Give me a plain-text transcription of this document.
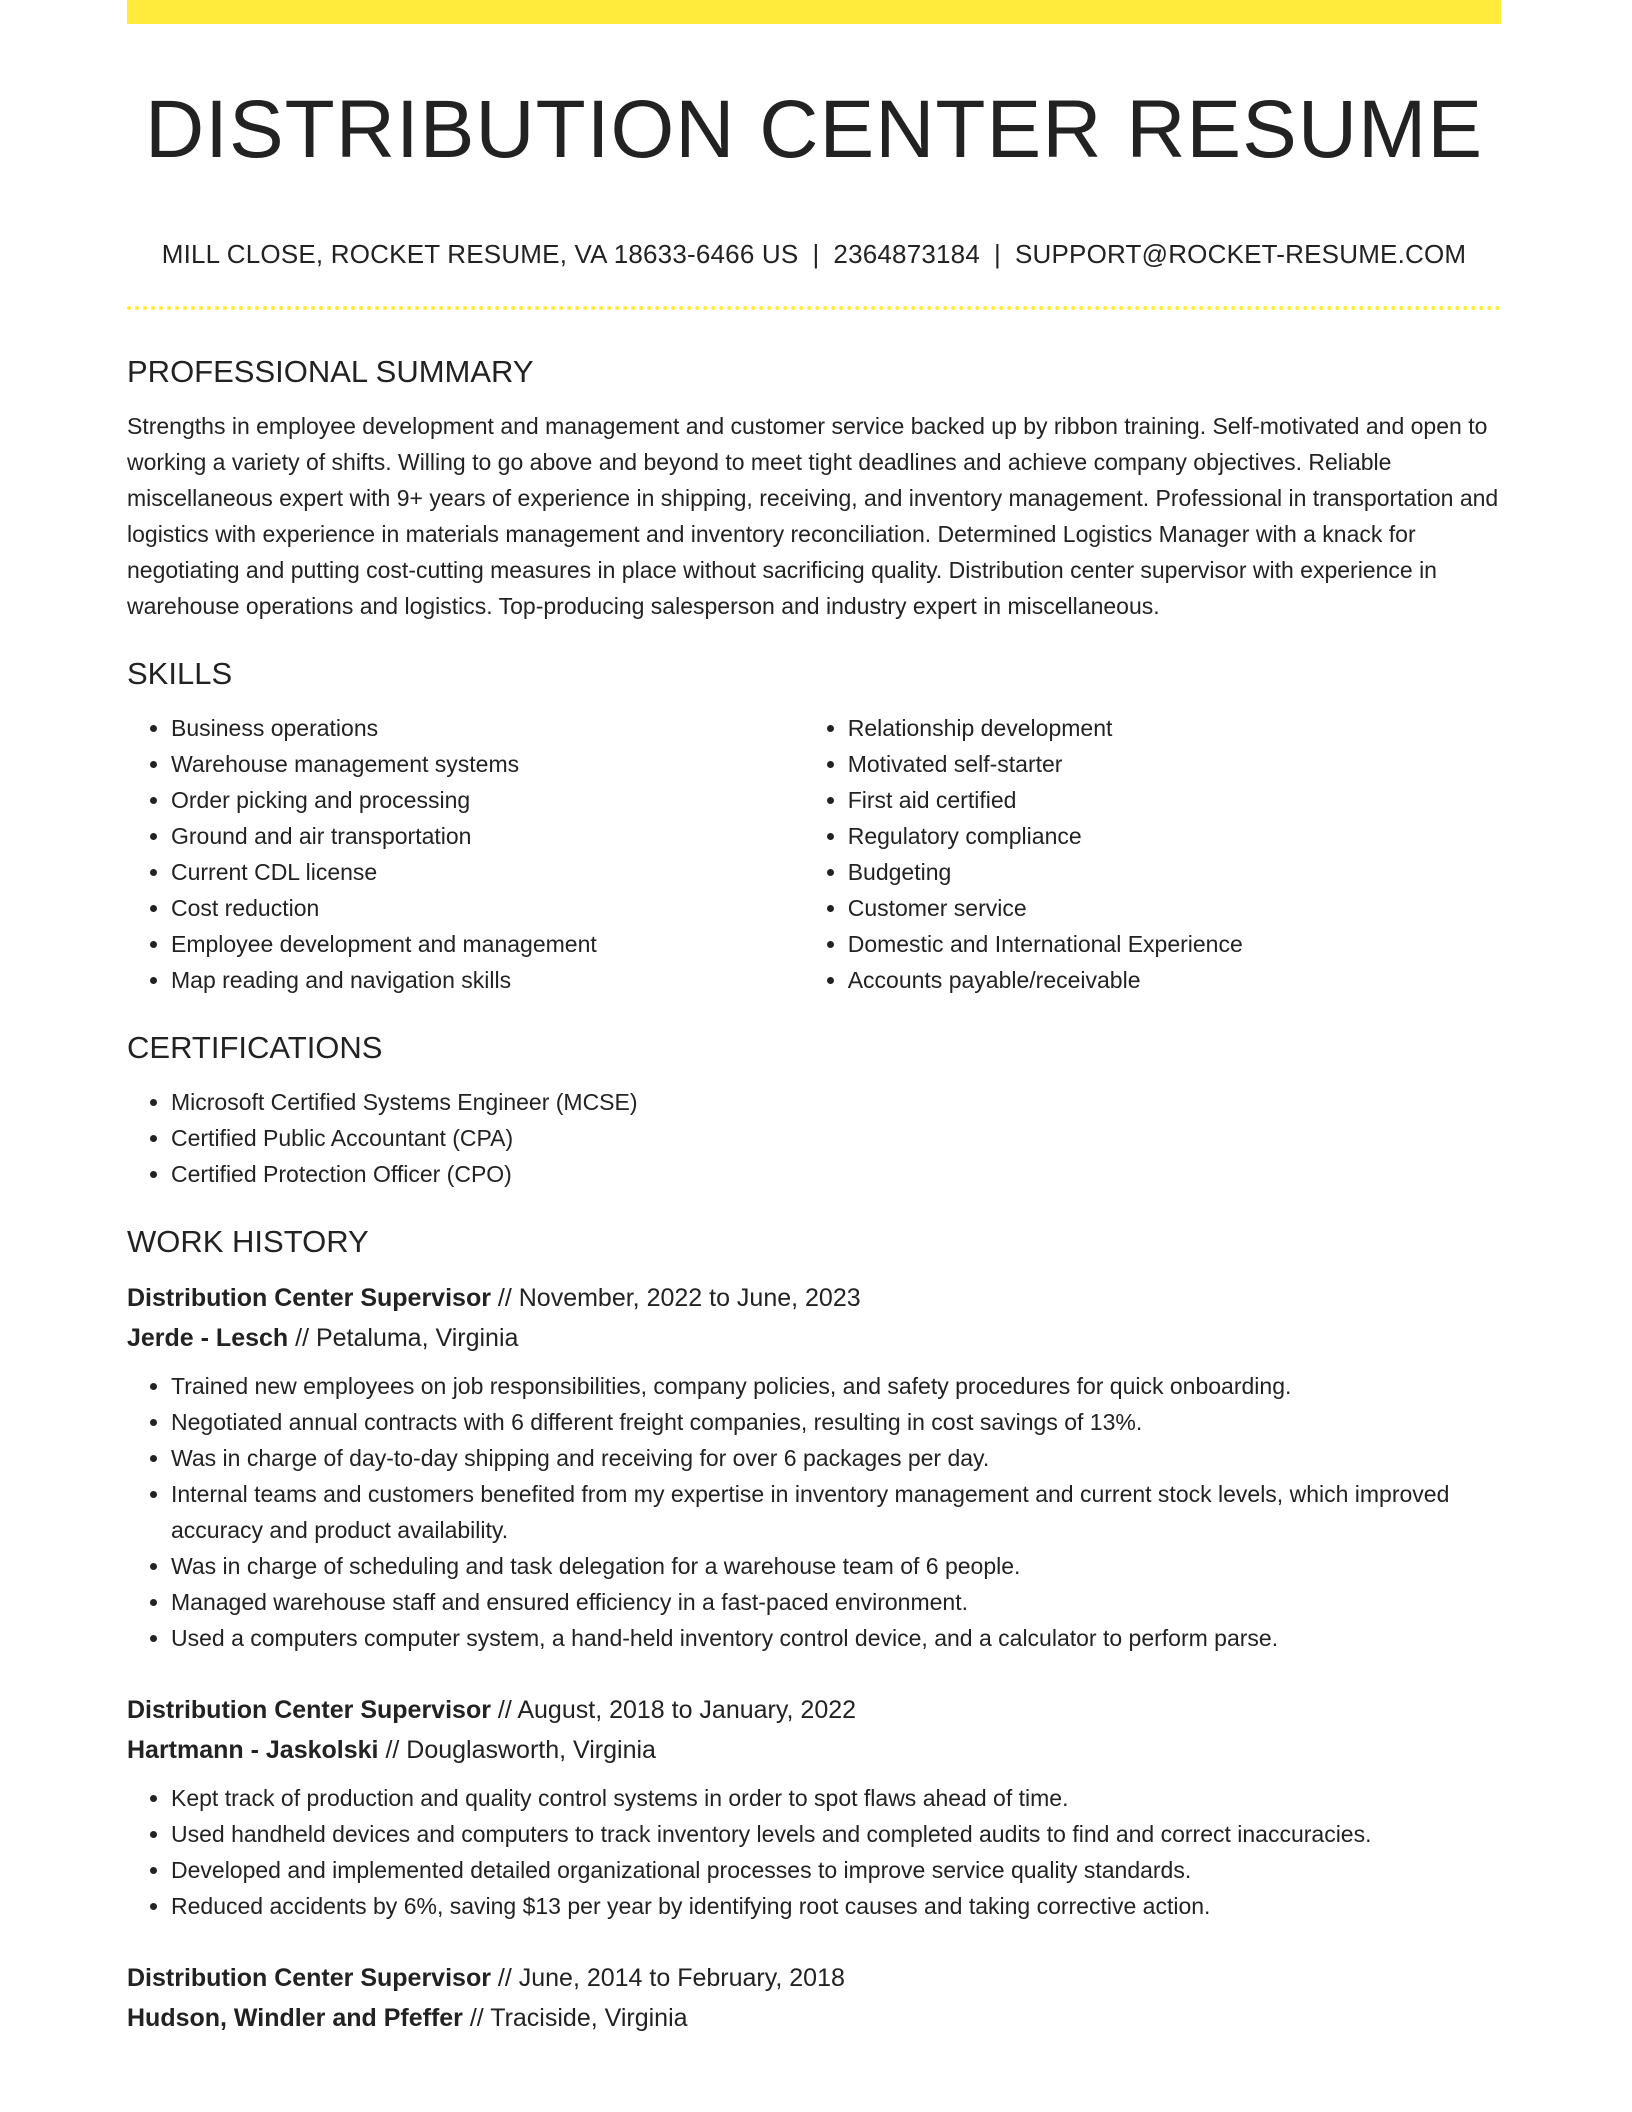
DISTRIBUTION CENTER RESUME
MILL CLOSE, ROCKET RESUME, VA 18633-6466 US | 2364873184 | SUPPORT@ROCKET-RESUME.COM
PROFESSIONAL SUMMARY

Strengths in employee development and management and customer service backed up by ribbon training. Self-motivated and open to working a variety of shifts. Willing to go above and beyond to meet tight deadlines and achieve company objectives. Reliable miscellaneous expert with 9+ years of experience in shipping, receiving, and inventory management. Professional in transportation and logistics with experience in materials management and inventory reconciliation. Determined Logistics Manager with a knack for negotiating and putting cost-cutting measures in place without sacrificing quality. Distribution center supervisor with experience in warehouse operations and logistics. Top-producing salesperson and industry expert in miscellaneous.

SKILLS
• Business operations
• Warehouse management systems
• Order picking and processing
• Ground and air transportation
• Current CDL license
• Cost reduction
• Employee development and management
• Map reading and navigation skills
• Relationship development
• Motivated self-starter
• First aid certified
• Regulatory compliance
• Budgeting
• Customer service
• Domestic and International Experience
• Accounts payable/receivable
CERTIFICATIONS
• Microsoft Certified Systems Engineer (MCSE)
• Certified Public Accountant (CPA)
• Certified Protection Officer (CPO)
WORK HISTORY
Distribution Center Supervisor // November, 2022 to June, 2023
Jerde - Lesch // Petaluma, Virginia
• Trained new employees on job responsibilities, company policies, and safety procedures for quick onboarding.
• Negotiated annual contracts with 6 different freight companies, resulting in cost savings of 13%.
• Was in charge of day-to-day shipping and receiving for over 6 packages per day.
• Internal teams and customers benefited from my expertise in inventory management and current stock levels, which improved accuracy and product availability.
• Was in charge of scheduling and task delegation for a warehouse team of 6 people.
• Managed warehouse staff and ensured efficiency in a fast-paced environment.
• Used a computers computer system, a hand-held inventory control device, and a calculator to perform parse.
Distribution Center Supervisor // August, 2018 to January, 2022
Hartmann - Jaskolski // Douglasworth, Virginia
• Kept track of production and quality control systems in order to spot flaws ahead of time.
• Used handheld devices and computers to track inventory levels and completed audits to find and correct inaccuracies.
• Developed and implemented detailed organizational processes to improve service quality standards.
• Reduced accidents by 6%, saving $13 per year by identifying root causes and taking corrective action.
Distribution Center Supervisor // June, 2014 to February, 2018
Hudson, Windler and Pfeffer // Traciside, Virginia
